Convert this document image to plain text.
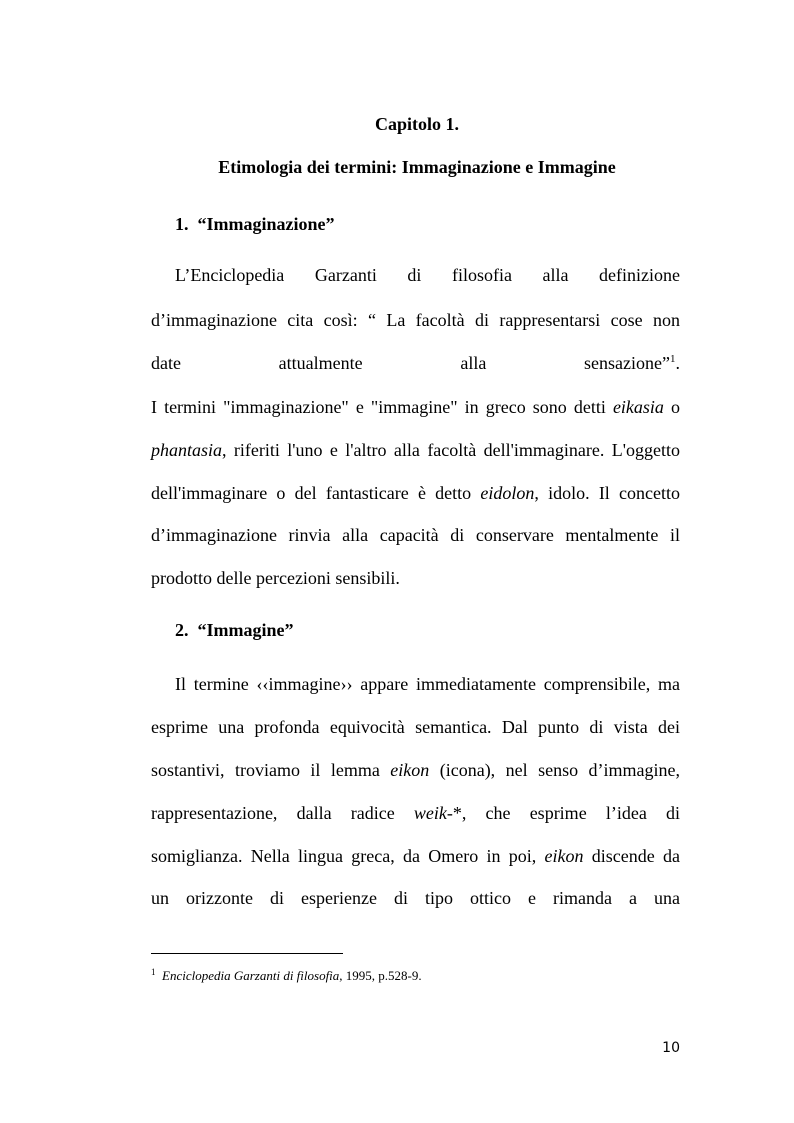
Capitolo 1.
Etimologia dei termini: Immaginazione e Immagine
1.  “Immaginazione”
L’Enciclopedia Garzanti di filosofia alla definizione
d’immaginazione cita così: “ La facoltà di rappresentarsi cose non
date attualmente alla sensazione”$^1$.
I termini "immaginazione" e "immagine" in greco sono detti eikasia o
phantasia, riferiti l'uno e l'altro alla facoltà dell'immaginare. L'oggetto
dell'immaginare o del fantasticare è detto eidolon, idolo. Il concetto
d’immaginazione rinvia alla capacità di conservare mentalmente il
prodotto delle percezioni sensibili.
2.  “Immagine”
Il termine ‹‹immagine›› appare immediatamente comprensibile, ma
esprime una profonda equivocità semantica. Dal punto di vista dei
sostantivi, troviamo il lemma eikon (icona), nel senso d’immagine,
rappresentazione, dalla radice weik-*, che esprime l’idea di
somiglianza. Nella lingua greca, da Omero in poi, eikon discende da
un orizzonte di esperienze di tipo ottico e rimanda a una
$^1$ Enciclopedia Garzanti di filosofia, 1995, p.528-9.
10
